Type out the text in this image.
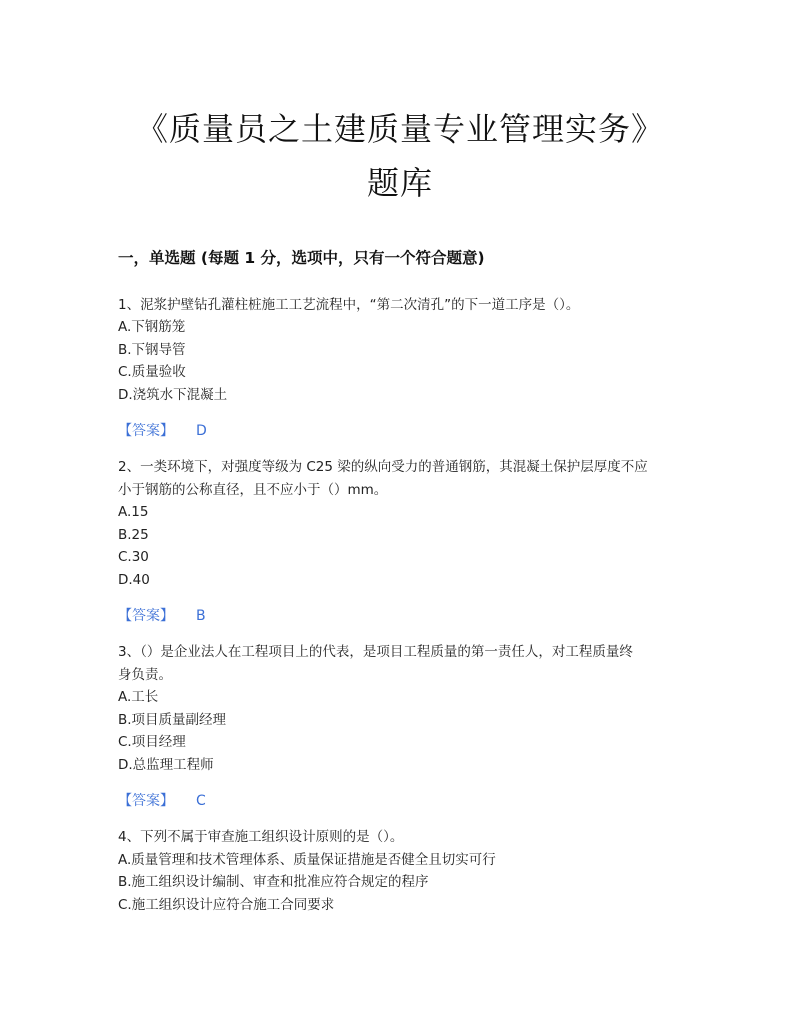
《质量员之土建质量专业管理实务》
题库
一，单选题 (每题 1 分，选项中，只有一个符合题意)
1、泥浆护壁钻孔灌柱桩施工工艺流程中，“第二次清孔”的下一道工序是（）。
A.下钢筋笼
B.下钢导管
C.质量验收
D.浇筑水下混凝土
【答案】 D
2、一类环境下，对强度等级为 C25 梁的纵向受力的普通钢筋，其混凝土保护层厚度不应
小于钢筋的公称直径，且不应小于（）mm。
A.15
B.25
C.30
D.40
【答案】 B
3、（）是企业法人在工程项目上的代表，是项目工程质量的第一责任人，对工程质量终
身负责。
A.工长
B.项目质量副经理
C.项目经理
D.总监理工程师
【答案】 C
4、下列不属于审查施工组织设计原则的是（）。
A.质量管理和技术管理体系、质量保证措施是否健全且切实可行
B.施工组织设计编制、审查和批准应符合规定的程序
C.施工组织设计应符合施工合同要求
